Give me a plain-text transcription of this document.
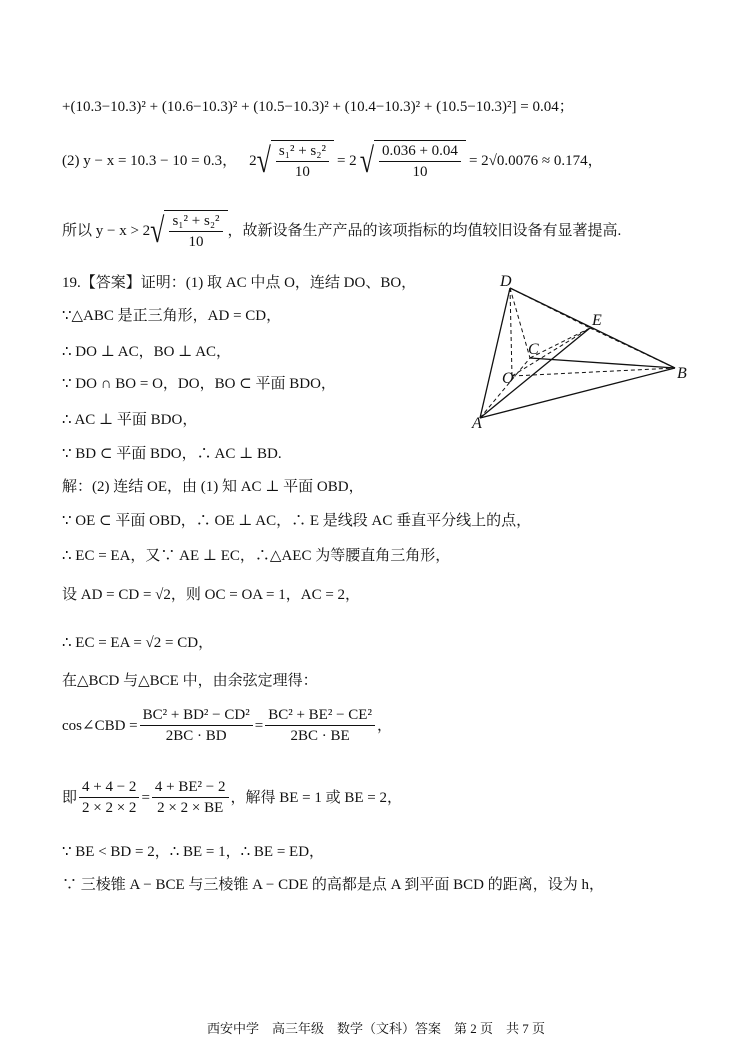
+(10.3−10.3)² + (10.6−10.3)² + (10.5−10.3)² + (10.4−10.3)² + (10.5−10.3)²] = 0.04；
(2) y − x = 10.3 − 10 = 0.3， 2 √ $\frac{\text{s₁² + s₂²}}{10} = 2$ √ $\frac{0.036 + 0.04}{10} = 2√0.0076 \approx 0.174$，
所以 y − x > 2 √ $\frac{\text{s₁² + s₂²}}{10}$ ，故新设备生产产品的该项指标的均值较旧设备有显著提高.
19.【答案】证明：(1) 取 AC 中点 O，连结 DO、BO，
∵△ABC 是正三角形，AD = CD，
∴ DO ⊥ AC，BO ⊥ AC，
∵ DO ∩ BO = O，DO，BO ⊂ 平面 BDO，
∴ AC ⊥ 平面 BDO，
∵ BD ⊂ 平面 BDO，∴ AC ⊥ BD.
解：(2) 连结 OE，由 (1) 知 AC ⊥ 平面 OBD，
∵ OE ⊂ 平面 OBD，∴ OE ⊥ AC，∴ E 是线段 AC 垂直平分线上的点，
∴ EC = EA，又∵ AE ⊥ EC，∴△AEC 为等腰直角三角形，
设 AD = CD = √2，则 OC = OA = 1，AC = 2，
∴ EC = EA = √2 = CD，
在△BCD 与△BCE 中，由余弦定理得：
cos∠CBD = $\frac{\text{BC² + BD² − CD²}}{2BC \cdot BD} = \frac{\text{BC² + BE² − CE²}}{2BC \cdot BE}$ ，
即 $\frac{4 + 4 - 2}{2 \times 2 \times 2} = \frac{\text{4 + BE² − 2}}{2 \times 2 \times BE}$ ，解得 BE = 1 或 BE = 2，
∵ BE < BD = 2，∴ BE = 1，∴ BE = ED，
∵ 三棱锥 A − BCE 与三棱锥 A − CDE 的高都是点 A 到平面 BCD 的距离，设为 h，
D
E
C
O	B
A
西安中学　高三年级　数学（文科）答案　第 2 页　共 7 页
